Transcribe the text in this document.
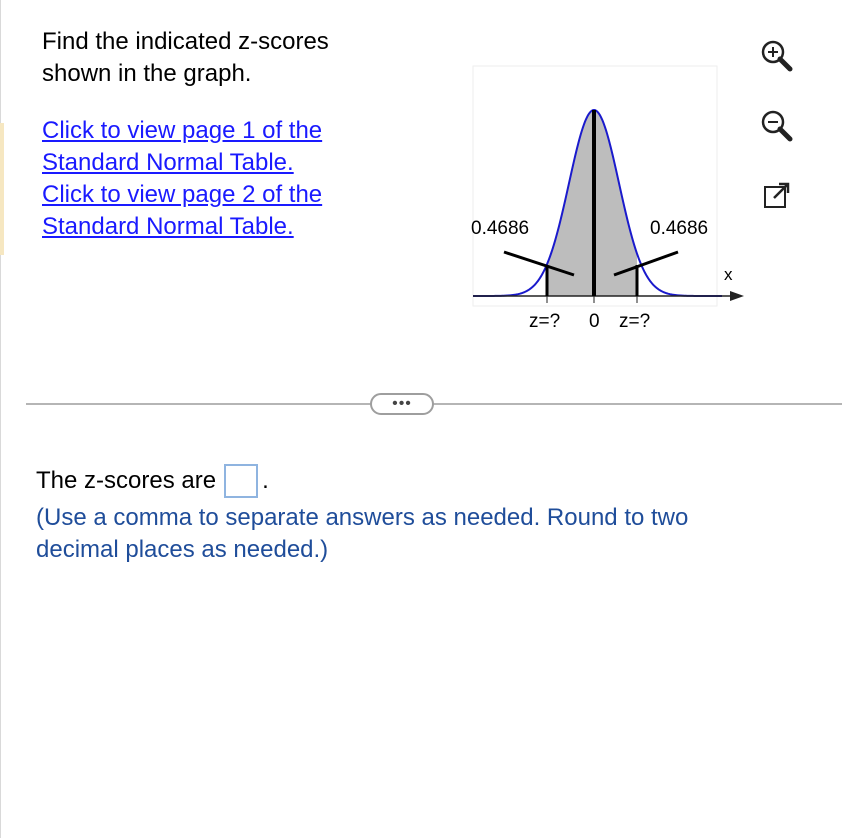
Find the indicated z-scores
shown in the graph.
Click to view page 1 of the
Standard Normal Table.
Click to view page 2 of the
Standard Normal Table.	0.4686	0.4686
x
z=? 0 z=?
•••
The z-scores are .
(Use a comma to separate answers as needed. Round to two
decimal places as needed.)
